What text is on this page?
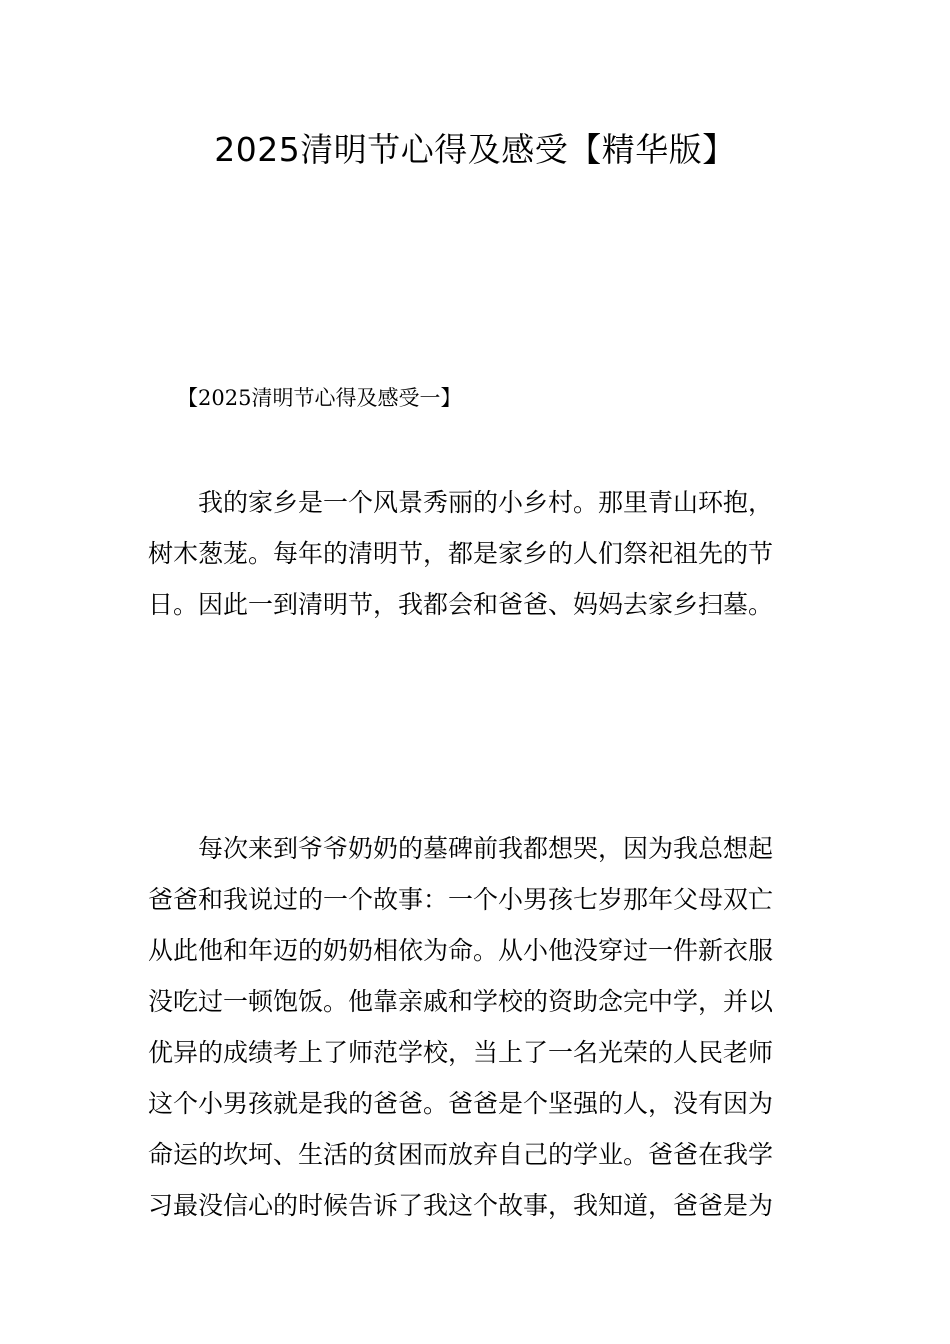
2025清明节心得及感受【精华版】
【2025清明节心得及感受一】
我的家乡是一个风景秀丽的小乡村。那里青山环抱，
树木葱茏。每年的清明节，都是家乡的人们祭祀祖先的节
日。因此一到清明节，我都会和爸爸、妈妈去家乡扫墓。
每次来到爷爷奶奶的墓碑前我都想哭，因为我总想起
爸爸和我说过的一个故事：一个小男孩七岁那年父母双亡
从此他和年迈的奶奶相依为命。从小他没穿过一件新衣服
没吃过一顿饱饭。他靠亲戚和学校的资助念完中学，并以
优异的成绩考上了师范学校，当上了一名光荣的人民老师
这个小男孩就是我的爸爸。爸爸是个坚强的人，没有因为
命运的坎坷、生活的贫困而放弃自己的学业。爸爸在我学
习最没信心的时候告诉了我这个故事，我知道，爸爸是为
